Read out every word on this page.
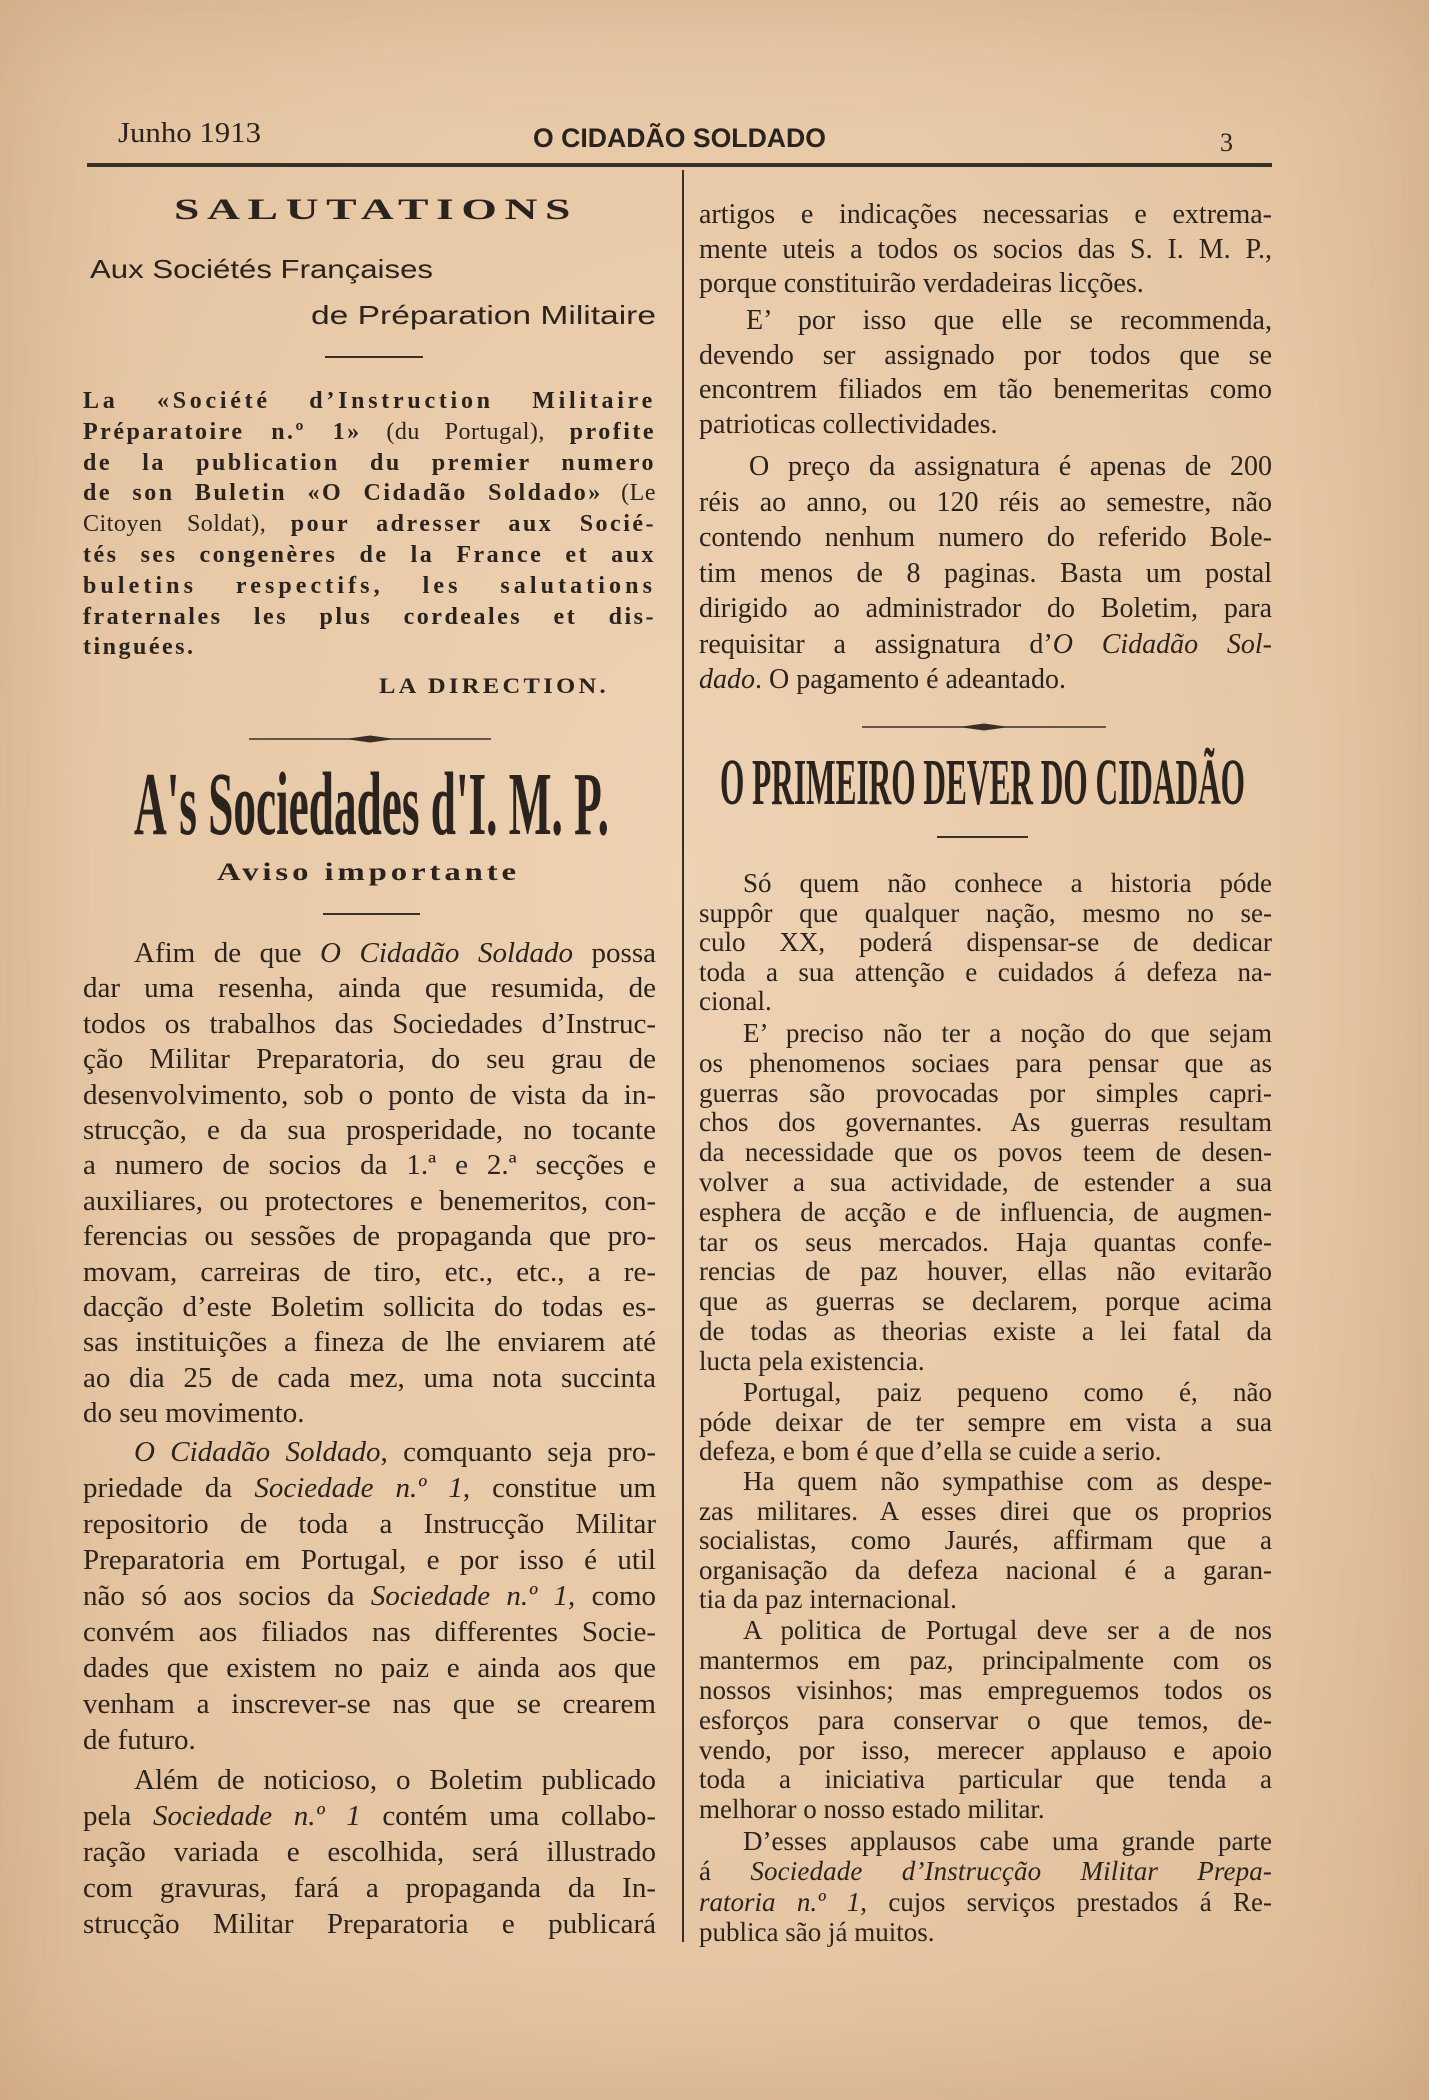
Junho 1913	O CIDADÃO SOLDADO	3
SALUTATIONS
Aux Sociétés Françaises
de Préparation Militaire
La «Société d’Instruction Militaire
Préparatoire n.º 1» (du Portugal), profite
de la publication du premier numero
de son Buletin «O Cidadão Soldado» (Le
Citoyen Soldat), pour adresser aux Socié-
tés ses congenères de la France et aux
buletins respectifs, les salutations
fraternales les plus cordeales et dis-
tinguées.
LA DIRECTION.
A's Sociedades d'I. M. P.
Aviso importante
Afim de que O Cidadão Soldado possa
dar uma resenha, ainda que resumida, de
todos os trabalhos das Sociedades d’Instruc-
ção Militar Preparatoria, do seu grau de
desenvolvimento, sob o ponto de vista da in-
strucção, e da sua prosperidade, no tocante
a numero de socios da 1.ª e 2.ª secções e
auxiliares, ou protectores e benemeritos, con-
ferencias ou sessões de propaganda que pro-
movam, carreiras de tiro, etc., etc., a re-
dacção d’este Boletim sollicita do todas es-
sas instituições a fineza de lhe enviarem até
ao dia 25 de cada mez, uma nota succinta
do seu movimento.
O Cidadão Soldado, comquanto seja pro-
priedade da Sociedade n.º 1, constitue um
repositorio de toda a Instrucção Militar
Preparatoria em Portugal, e por isso é util
não só aos socios da Sociedade n.º 1, como
convém aos filiados nas differentes Socie-
dades que existem no paiz e ainda aos que
venham a inscrever-se nas que se crearem
de futuro.
Além de noticioso, o Boletim publicado
pela Sociedade n.º 1 contém uma collabo-
ração variada e escolhida, será illustrado
com gravuras, fará a propaganda da In-
strucção Militar Preparatoria e publicará
artigos e indicações necessarias e extrema-
mente uteis a todos os socios das S. I. M. P.,
porque constituirão verdadeiras licções.
E’ por isso que elle se recommenda,
devendo ser assignado por todos que se
encontrem filiados em tão benemeritas como
patrioticas collectividades.
O preço da assignatura é apenas de 200
réis ao anno, ou 120 réis ao semestre, não
contendo nenhum numero do referido Bole-
tim menos de 8 paginas. Basta um postal
dirigido ao administrador do Boletim, para
requisitar a assignatura d’O Cidadão Sol-
dado. O pagamento é adeantado.
O PRIMEIRO DEVER DO CIDADÃO
Só quem não conhece a historia póde
suppôr que qualquer nação, mesmo no se-
culo XX, poderá dispensar-se de dedicar
toda a sua attenção e cuidados á defeza na-
cional.
E’ preciso não ter a noção do que sejam
os phenomenos sociaes para pensar que as
guerras são provocadas por simples capri-
chos dos governantes. As guerras resultam
da necessidade que os povos teem de desen-
volver a sua actividade, de estender a sua
esphera de acção e de influencia, de augmen-
tar os seus mercados. Haja quantas confe-
rencias de paz houver, ellas não evitarão
que as guerras se declarem, porque acima
de todas as theorias existe a lei fatal da
lucta pela existencia.
Portugal, paiz pequeno como é, não
póde deixar de ter sempre em vista a sua
defeza, e bom é que d’ella se cuide a serio.
Ha quem não sympathise com as despe-
zas militares. A esses direi que os proprios
socialistas, como Jaurés, affirmam que a
organisação da defeza nacional é a garan-
tia da paz internacional.
A politica de Portugal deve ser a de nos
mantermos em paz, principalmente com os
nossos visinhos; mas empreguemos todos os
esforços para conservar o que temos, de-
vendo, por isso, merecer applauso e apoio
toda a iniciativa particular que tenda a
melhorar o nosso estado militar.
D’esses applausos cabe uma grande parte
á Sociedade d’Instrucção Militar Prepa-
ratoria n.º 1, cujos serviços prestados á Re-
publica são já muitos.
